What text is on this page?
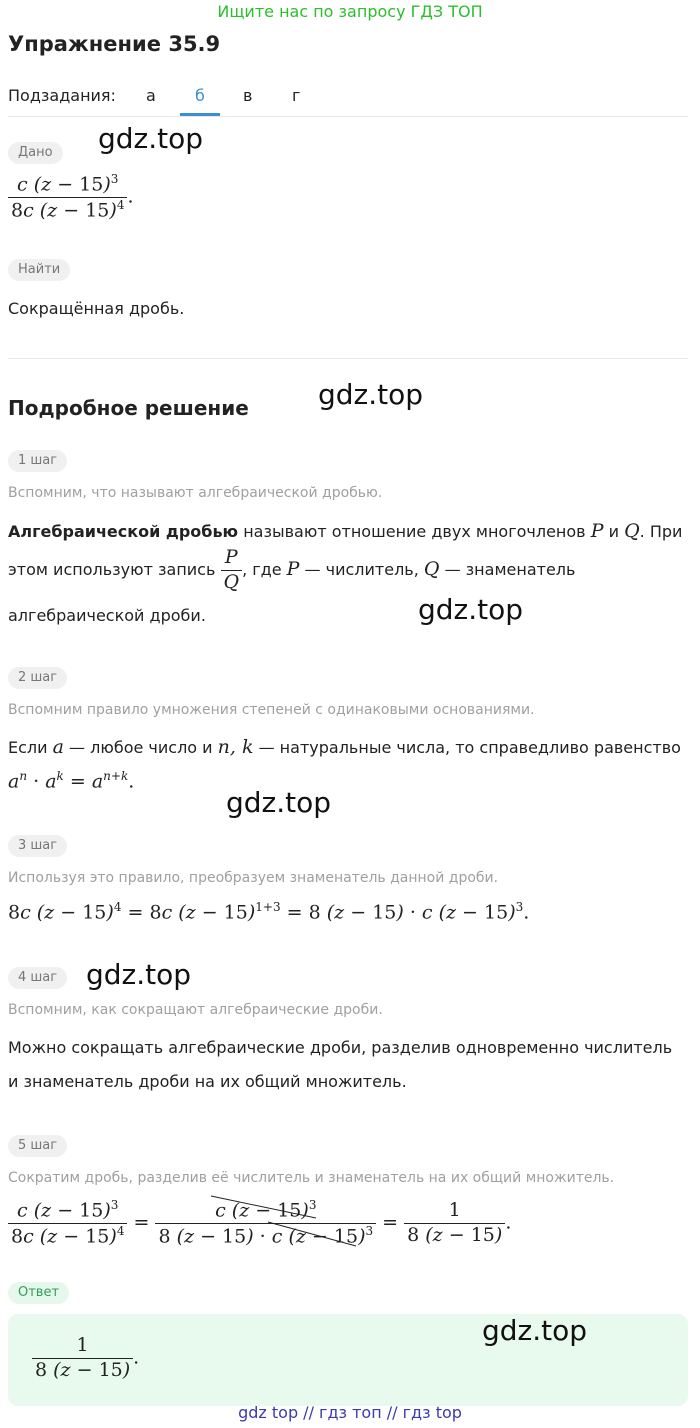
Ищите нас по запросу ГДЗ ТОП
Упражнение 35.9
Подзадания: а б в г
Дано	gdz.top
$\frac{c (z - 15)^3}{8c (z - 15)^4}$ .
Найти
Сокращённая дробь.
Подробное решение gdz.top
1 шаг
Вспомним, что называют алгебраической дробью.
Алгебраической дробью называют отношение двух многочленов P и Q. При
этом используют запись $\frac{P}{Q}$ , где P — числитель, Q — знаменатель
алгебраической дроби.	gdz.top
2 шаг
Вспомним правило умножения степеней с одинаковыми основаниями.
Если a — любое число и n, k — натуральные числа, то справедливо равенство
$a^n \cdot a^k = a^{n+k}$.
gdz.top
3 шаг
Используя это правило, преобразуем знаменатель данной дроби.
8c $(z - 15)^4 = 8c$ $(z - 15)^{1+3} = 8$ (z − 15) · c $(z - 15)^3$.
4 шаг	gdz.top
Вспомним, как сокращают алгебраические дроби.
Можно сокращать алгебраические дроби, разделив одновременно числитель
и знаменатель дроби на их общий множитель.
5 шаг
Сократим дробь, разделив её числитель и знаменатель на их общий множитель.
$\frac{c (z - 15)^3}{8c (z - 15)^4} = \frac{c (z - 15)^3}{8 (z - 15) \cdot c (z - 15)^3} = \frac{1}{8 (z - 15)}$ .
Ответ
$\frac{1}{8 (z - 15)}$ .
gdz.top
gdz top // гдз топ // гдз top
